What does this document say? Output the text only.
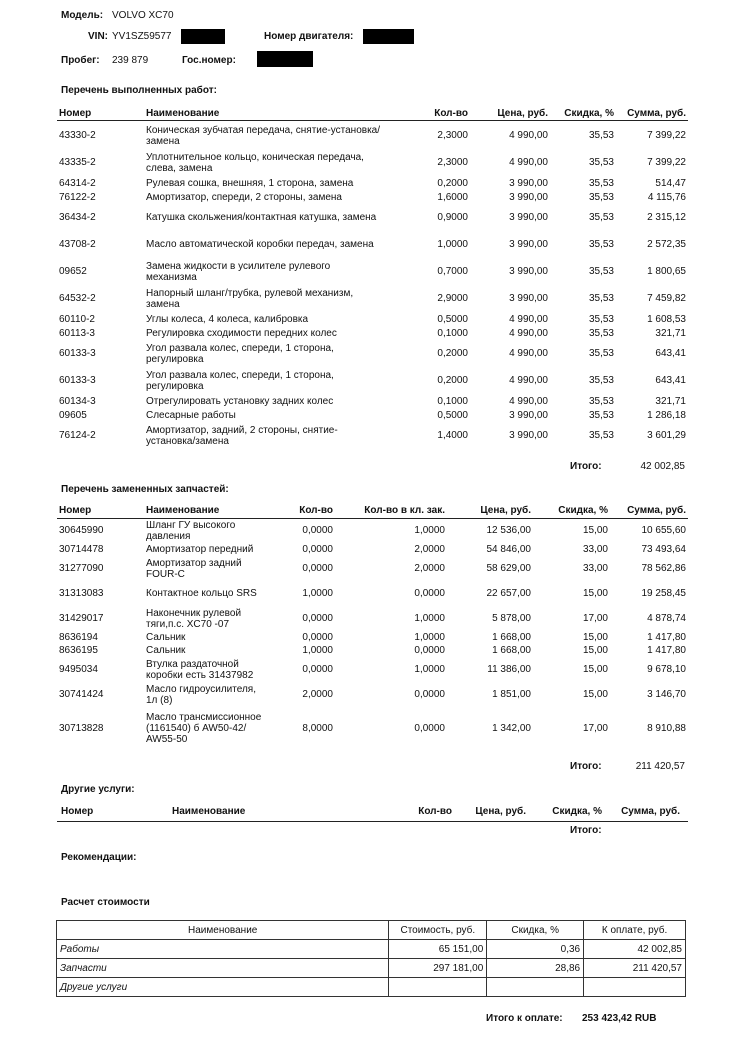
Модель: VOLVO XC70
VIN: YV1SZ59577	Номер двигателя:
Пробег: 239 879	Гос.номер:
Перечень выполненных работ:
Номер	Наименование	Кол-во	Цена, руб.	Скидка, %	Сумма, руб.
43330-2	Коническая зубчатая передача, снятие-установка/замена	2,3000	4 990,00	35,53	7 399,22
43335-2	Уплотнительное кольцо, коническая передача, слева, замена	2,3000	4 990,00	35,53	7 399,22
64314-2	Рулевая сошка, внешняя, 1 сторона, замена	0,2000	3 990,00	35,53	514,47
76122-2	Амортизатор, спереди, 2 стороны, замена	1,6000	3 990,00	35,53	4 115,76
36434-2	Катушка скольжения/контактная катушка, замена	0,9000	3 990,00	35,53	2 315,12
43708-2	Масло автоматической коробки передач, замена	1,0000	3 990,00	35,53	2 572,35
09652	Замена жидкости в усилителе рулевого механизма	0,7000	3 990,00	35,53	1 800,65
64532-2	Напорный шланг/трубка, рулевой механизм, замена	2,9000	3 990,00	35,53	7 459,82
60110-2	Углы колеса, 4 колеса, калибровка	0,5000	4 990,00	35,53	1 608,53
60113-3	Регулировка сходимости передних колес	0,1000	4 990,00	35,53	321,71
60133-3	Угол развала колес, спереди, 1 сторона, регулировка	0,2000	4 990,00	35,53	643,41
60133-3	Угол развала колес, спереди, 1 сторона, регулировка	0,2000	4 990,00	35,53	643,41
60134-3	Отрегулировать установку задних колес	0,1000	4 990,00	35,53	321,71
09605	Слесарные работы	0,5000	3 990,00	35,53	1 286,18
76124-2	Амортизатор, задний, 2 стороны, снятие-установка/замена	1,4000	3 990,00	35,53	3 601,29
Итого:	42 002,85
Перечень замененных запчастей:
Номер	Наименование	Кол-во	Кол-во в кл. зак.	Цена, руб.	Скидка, %	Сумма, руб.
30645990	Шланг ГУ высокого давления	0,0000	1,0000	12 536,00	15,00	10 655,60
30714478	Амортизатор передний	0,0000	2,0000	54 846,00	33,00	73 493,64
31277090	Амортизатор задний FOUR-C	0,0000	2,0000	58 629,00	33,00	78 562,86
31313083	Контактное кольцо SRS	1,0000	0,0000	22 657,00	15,00	19 258,45
31429017	Наконечник рулевой тяги,п.с. XC70 -07	0,0000	1,0000	5 878,00	17,00	4 878,74
8636194	Сальник	0,0000	1,0000	1 668,00	15,00	1 417,80
8636195	Сальник	1,0000	0,0000	1 668,00	15,00	1 417,80
9495034	Втулка раздаточной коробки есть 31437982	0,0000	1,0000	11 386,00	15,00	9 678,10
30741424	Масло гидроусилителя, 1л (8)	2,0000	0,0000	1 851,00	15,00	3 146,70
30713828	Масло трансмиссионное (1161540) б AW50-42/ AW55-50	8,0000	0,0000	1 342,00	17,00	8 910,88
Итого:	211 420,57
Другие услуги:
Номер	Наименование	Кол-во Цена, руб.	Скидка, % Сумма, руб.
Итого:
Рекомендации:
Расчет стоимости
Наименование	Стоимость, руб.	Скидка, %	К оплате, руб.
Работы	65 151,00	0,36	42 002,85
Запчасти	297 181,00	28,86	211 420,57
Другие услуги			
Итого к оплате: 253 423,42 RUB
